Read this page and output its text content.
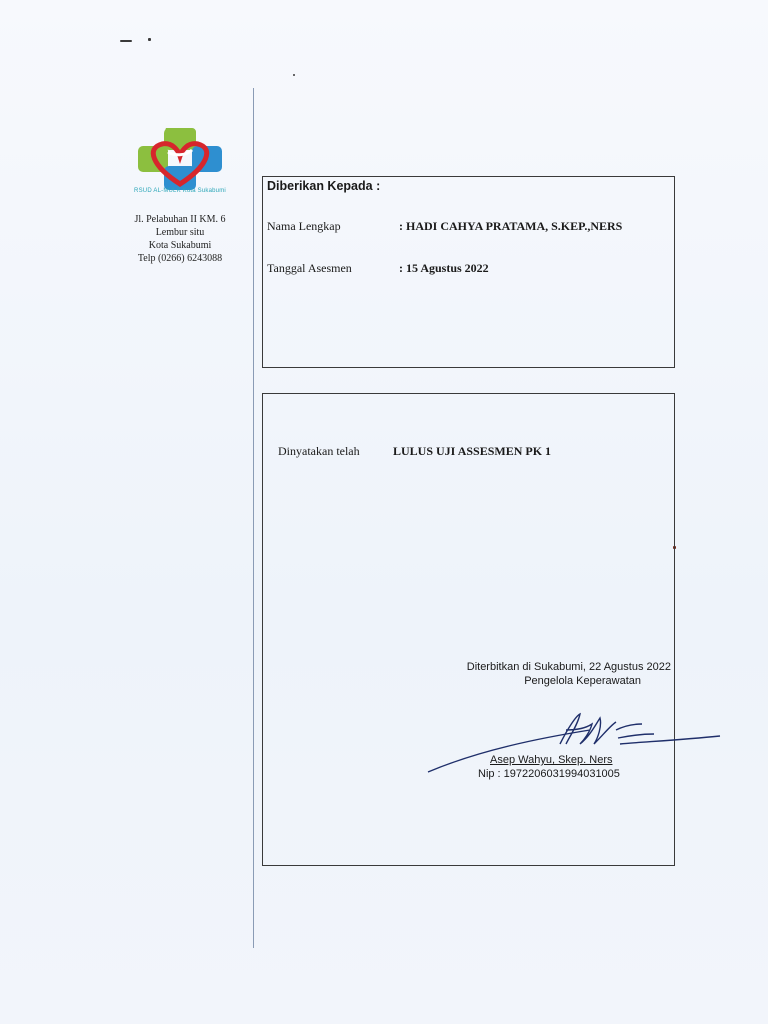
RSUD AL-MULK Kota Sukabumi
Jl. Pelabuhan II KM. 6
Lembur situ
Kota Sukabumi
Telp (0266) 6243088
Diberikan Kepada :
Nama Lengkap	: HADI CAHYA PRATAMA, S.KEP.,NERS
Tanggal Asesmen	: 15 Agustus 2022
Dinyatakan telah	LULUS UJI ASSESMEN PK 1
Diterbitkan di Sukabumi, 22 Agustus 2022
Pengelola Keperawatan
Asep Wahyu, Skep. Ners
Nip : 1972206031994031005
